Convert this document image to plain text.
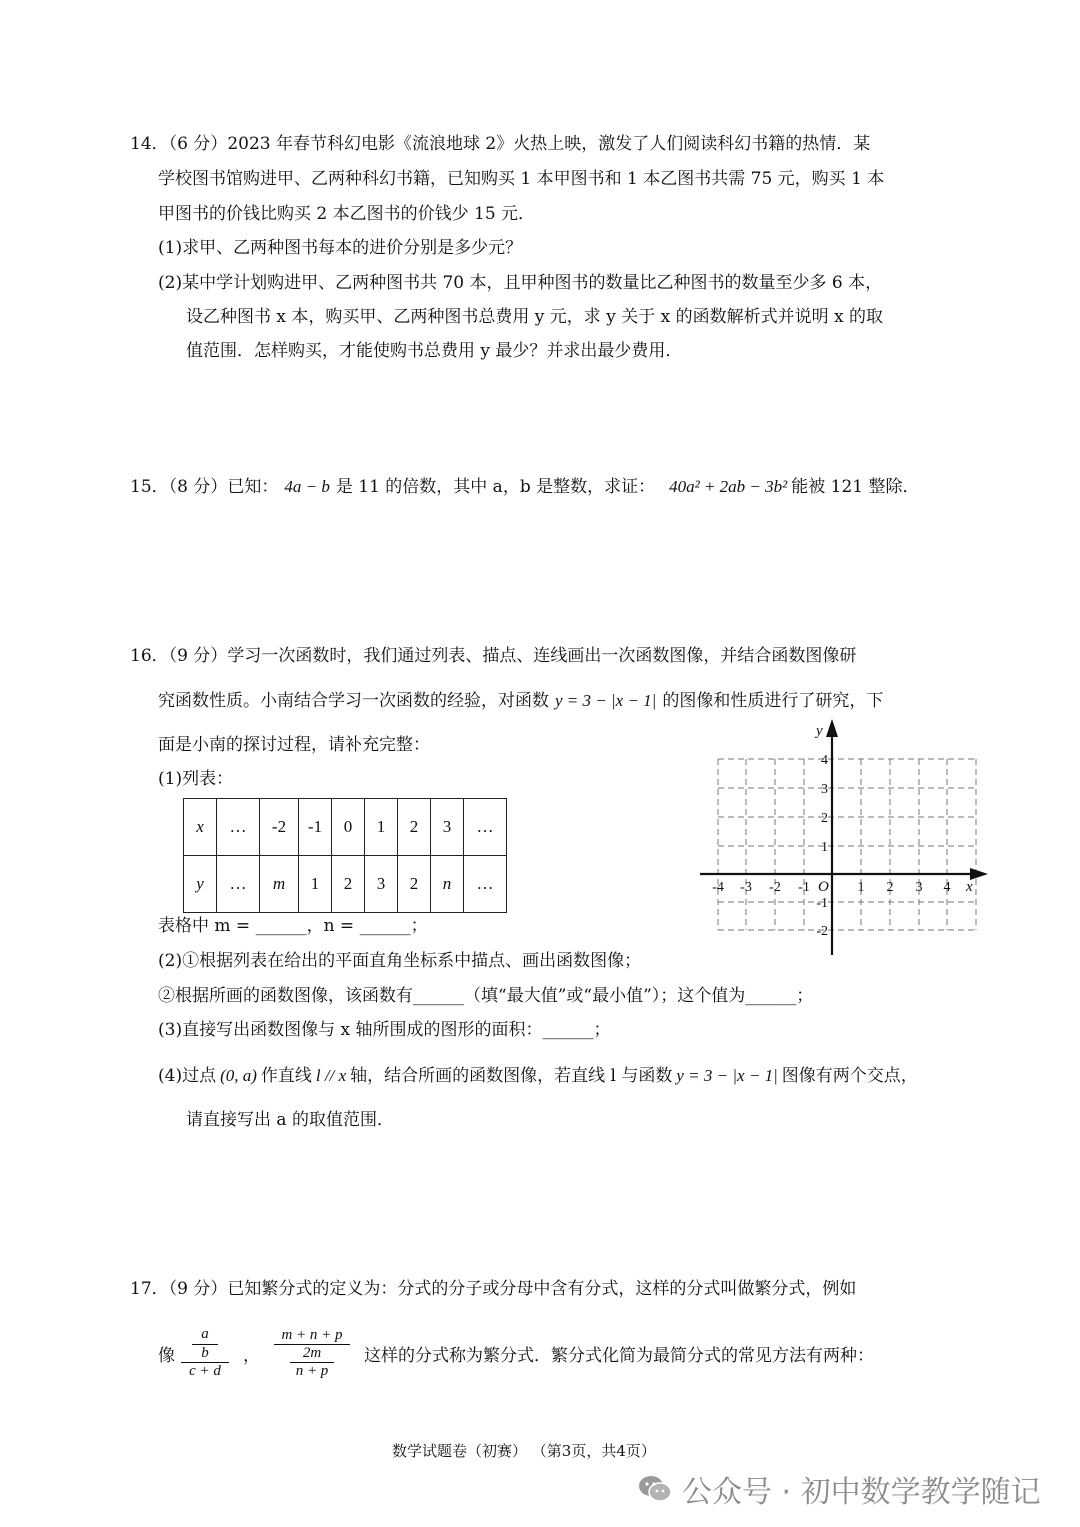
14．（6 分）2023 年春节科幻电影《流浪地球 2》火热上映，激发了人们阅读科幻书籍的热情．某
学校图书馆购进甲、乙两种科幻书籍，已知购买 1 本甲图书和 1 本乙图书共需 75 元，购买 1 本
甲图书的价钱比购买 2 本乙图书的价钱少 15 元．
(1)求甲、乙两种图书每本的进价分别是多少元？
(2)某中学计划购进甲、乙两种图书共 70 本，且甲种图书的数量比乙种图书的数量至少多 6 本，
设乙种图书 x 本，购买甲、乙两种图书总费用 y 元，求 y 关于 x 的函数解析式并说明 x 的取
值范围．怎样购买，才能使购书总费用 y 最少？并求出最少费用．
15．（8 分）已知： 4a − b 是 11 的倍数，其中 a，b 是整数，求证： 40a² + 2ab − 3b² 能被 121 整除．
16．（9 分）学习一次函数时，我们通过列表、描点、连线画出一次函数图像，并结合函数图像研
究函数性质。小南结合学习一次函数的经验，对函数 y = 3 − |x − 1| 的图像和性质进行了研究，下
面是小南的探讨过程，请补充完整：
(1)列表：
x	…	-2	-1	0	1	2	3	…
y	…	m	1	2	3	2	n	…	x
y
O
-4 -3 -2 -1	1 2 3 4
4
3
2
1
-1
-2
表格中 m = ______，n = ______；
(2)①根据列表在给出的平面直角坐标系中描点、画出函数图像；
②根据所画的函数图像，该函数有______（填“最大值”或“最小值”）；这个值为______；
(3)直接写出函数图像与 x 轴所围成的图形的面积：______；
(4)过点 (0, a) 作直线 l // x 轴，结合所画的函数图像，若直线 l 与函数 y = 3 − |x − 1| 图像有两个交点，
请直接写出 a 的取值范围．
17．（9 分）已知繁分式的定义为：分式的分子或分母中含有分式，这样的分式叫做繁分式，例如
像
a
b
c + d
，
m + n + p
2m
n + p
这样的分式称为繁分式．繁分式化简为最简分式的常见方法有两种：
数学试题卷（初赛） （第3页，共4页）
公众号 · 初中数学教学随记
